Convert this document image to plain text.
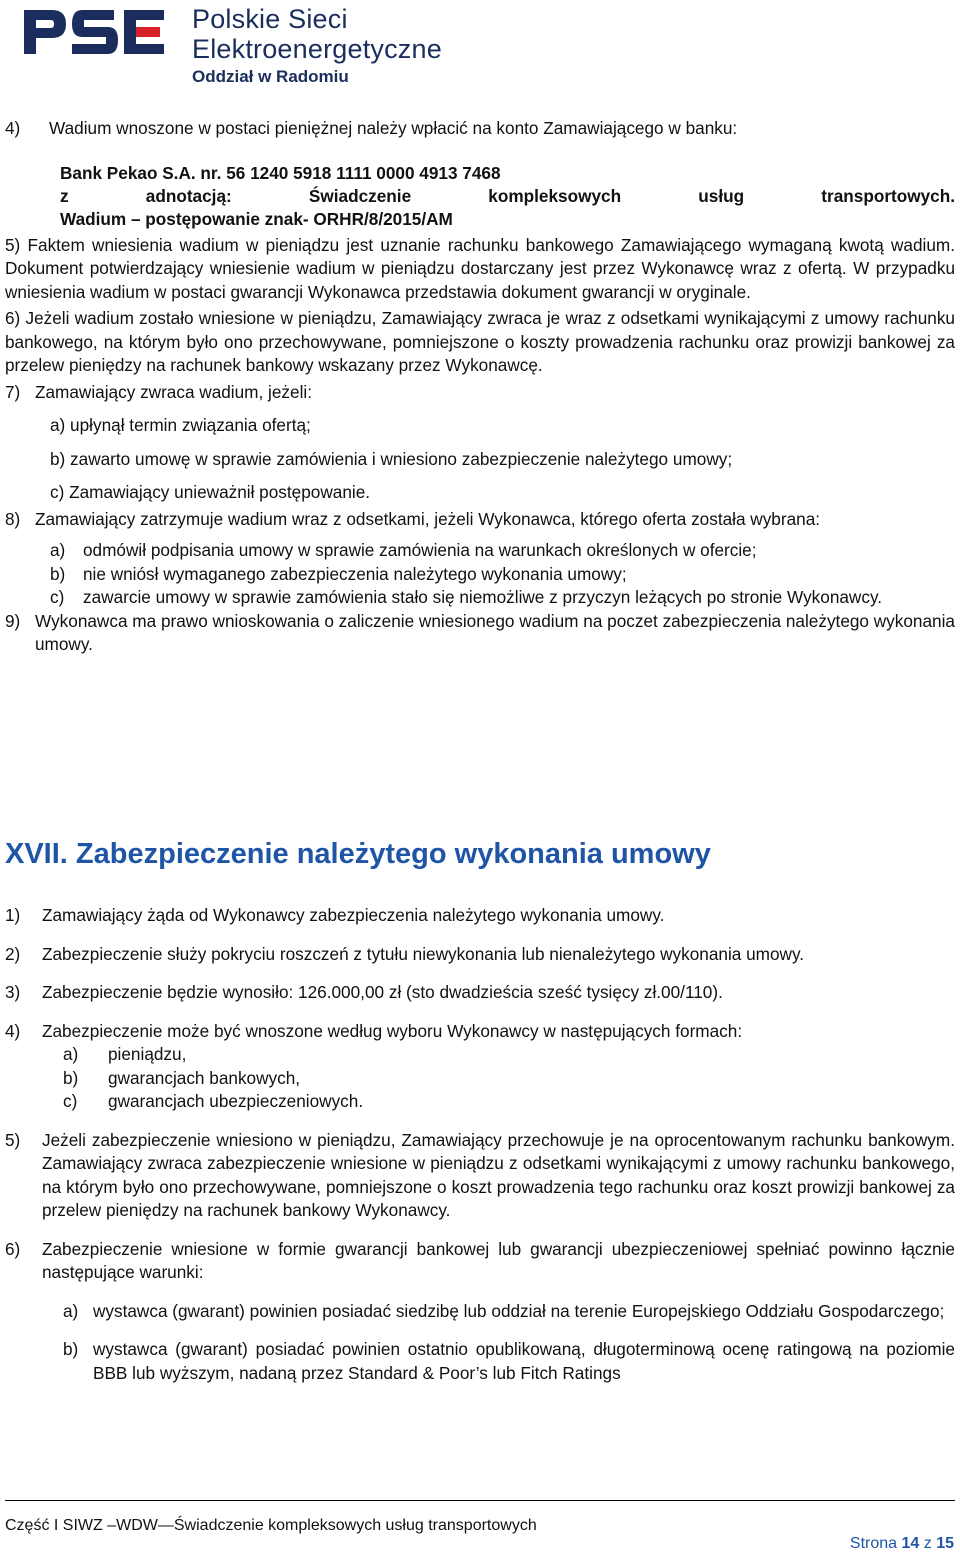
Polskie Sieci
Elektroenergetyczne
Oddział w Radomiu
4)	Wadium wnoszone w postaci pieniężnej należy wpłacić na konto Zamawiającego w banku:

Bank Pekao S.A. nr. 56 1240 5918 1111 0000 4913 7468

z adnotacją: Świadczenie kompleksowych usług transportowych.

Wadium – postępowanie znak- ORHR/8/2015/AM

5) Faktem wniesienia wadium w pieniądzu jest uznanie rachunku bankowego Zamawiającego wymaganą kwotą wadium. Dokument potwierdzający wniesienie wadium w pieniądzu dostarczany jest przez Wykonawcę wraz z ofertą. W przypadku wniesienia wadium w postaci gwarancji Wykonawca przedstawia dokument gwarancji w oryginale.

6) Jeżeli wadium zostało wniesione w pieniądzu, Zamawiający zwraca je wraz z odsetkami wynikającymi z umowy rachunku bankowego, na którym było ono przechowywane, pomniejszone o koszty prowadzenia rachunku oraz prowizji bankowej za przelew pieniędzy na rachunek bankowy wskazany przez Wykonawcę.

7) Zamawiający zwraca wadium, jeżeli:

a) upłynął termin związania ofertą;

b) zawarto umowę w sprawie zamówienia i wniesiono zabezpieczenie należytego umowy;

c) Zamawiający unieważnił postępowanie.

8) Zamawiający zatrzymuje wadium wraz z odsetkami, jeżeli Wykonawca, którego oferta została wybrana:
a)	odmówił podpisania umowy w sprawie zamówienia na warunkach określonych w ofercie;
b)	nie wniósł wymaganego zabezpieczenia należytego wykonania umowy;
c)	zawarcie umowy w sprawie zamówienia stało się niemożliwe z przyczyn leżących po stronie Wykonawcy.
9) Wykonawca ma prawo wnioskowania o zaliczenie wniesionego wadium na poczet zabezpieczenia należytego wykonania umowy.
XVII. Zabezpieczenie należytego wykonania umowy
1)	Zamawiający żąda od Wykonawcy zabezpieczenia należytego wykonania umowy.
2)	Zabezpieczenie służy pokryciu roszczeń z tytułu niewykonania lub nienależytego wykonania umowy.
3)	Zabezpieczenie będzie wynosiło: 126.000,00 zł (sto dwadzieścia sześć tysięcy zł.00/110).
4)	Zabezpieczenie może być wnoszone według wyboru Wykonawcy w następujących formach:
a)	pieniądzu,
b)	gwarancjach bankowych,
c)	gwarancjach ubezpieczeniowych.
5)	Jeżeli zabezpieczenie wniesiono w pieniądzu, Zamawiający przechowuje je na oprocentowanym rachunku bankowym. Zamawiający zwraca zabezpieczenie wniesione w pieniądzu z odsetkami wynikającymi z umowy rachunku bankowego, na którym było ono przechowywane, pomniejszone o koszt prowadzenia tego rachunku oraz koszt prowizji bankowej za przelew pieniędzy na rachunek bankowy Wykonawcy.
6)	Zabezpieczenie wniesione w formie gwarancji bankowej lub gwarancji ubezpieczeniowej spełniać powinno łącznie następujące warunki:
a) wystawca (gwarant) powinien posiadać siedzibę lub oddział na terenie Europejskiego Oddziału Gospodarczego;
b) wystawca (gwarant) posiadać powinien ostatnio opublikowaną, długoterminową ocenę ratingową na poziomie BBB lub wyższym, nadaną przez Standard & Poor’s lub Fitch Ratings
Część I SIWZ –WDW—Świadczenie kompleksowych usług transportowych
Strona 14 z 15
